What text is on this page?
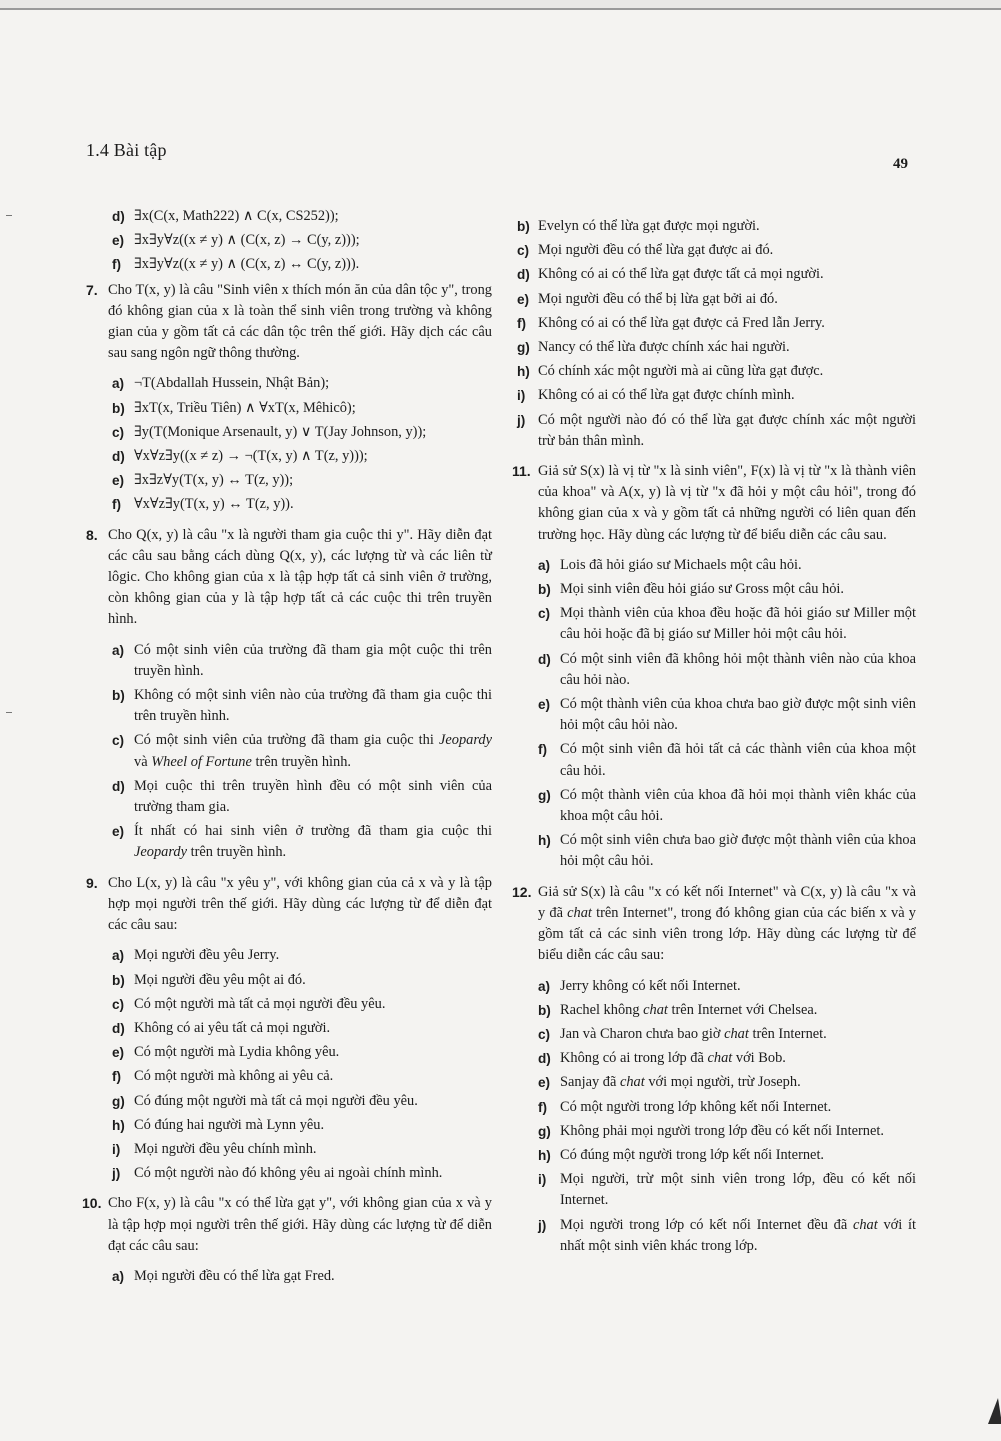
1.4 Bài tập
49
d) ∃x(C(x, Math222) ∧ C(x, CS252));
e) ∃x∃y∀z((x ≠ y) ∧ (C(x, z) → C(y, z)));
f) ∃x∃y∀z((x ≠ y) ∧ (C(x, z) ↔ C(y, z))).
7. Cho T(x, y) là câu "Sinh viên x thích món ăn của dân tộc y", trong đó không gian của x là toàn thể sinh viên trong trường và không gian của y gồm tất cả các dân tộc trên thế giới. Hãy dịch các câu sau sang ngôn ngữ thông thường.
a) ¬T(Abdallah Hussein, Nhật Bản);
b) ∃xT(x, Triều Tiên) ∧ ∀xT(x, Mêhicô);
c) ∃y(T(Monique Arsenault, y) ∨ T(Jay Johnson, y));
d) ∀x∀z∃y((x ≠ z) → ¬(T(x, y) ∧ T(z, y)));
e) ∃x∃z∀y(T(x, y) ↔ T(z, y));
f) ∀x∀z∃y(T(x, y) ↔ T(z, y)).
8. Cho Q(x, y) là câu "x là người tham gia cuộc thi y". Hãy diễn đạt các câu sau bằng cách dùng Q(x, y), các lượng từ và các liên từ lôgic. Cho không gian của x là tập hợp tất cả sinh viên ở trường, còn không gian của y là tập hợp tất cả các cuộc thi trên truyền hình.
a) Có một sinh viên của trường đã tham gia một cuộc thi trên truyền hình.
b) Không có một sinh viên nào của trường đã tham gia cuộc thi trên truyền hình.
c) Có một sinh viên của trường đã tham gia cuộc thi Jeopardy và Wheel of Fortune trên truyền hình.
d) Mọi cuộc thi trên truyền hình đều có một sinh viên của trường tham gia.
e) Ít nhất có hai sinh viên ở trường đã tham gia cuộc thi Jeopardy trên truyền hình.
9. Cho L(x, y) là câu "x yêu y", với không gian của cả x và y là tập hợp mọi người trên thế giới. Hãy dùng các lượng từ để diễn đạt các câu sau:
a) Mọi người đều yêu Jerry.
b) Mọi người đều yêu một ai đó.
c) Có một người mà tất cả mọi người đều yêu.
d) Không có ai yêu tất cả mọi người.
e) Có một người mà Lydia không yêu.
f) Có một người mà không ai yêu cả.
g) Có đúng một người mà tất cả mọi người đều yêu.
h) Có đúng hai người mà Lynn yêu.
i) Mọi người đều yêu chính mình.
j) Có một người nào đó không yêu ai ngoài chính mình.
10. Cho F(x, y) là câu "x có thể lừa gạt y", với không gian của x và y là tập hợp mọi người trên thế giới. Hãy dùng các lượng từ để diễn đạt các câu sau:
a) Mọi người đều có thể lừa gạt Fred.
b) Evelyn có thể lừa gạt được mọi người.
c) Mọi người đều có thể lừa gạt được ai đó.
d) Không có ai có thể lừa gạt được tất cả mọi người.
e) Mọi người đều có thể bị lừa gạt bởi ai đó.
f) Không có ai có thể lừa gạt được cả Fred lẫn Jerry.
g) Nancy có thể lừa được chính xác hai người.
h) Có chính xác một người mà ai cũng lừa gạt được.
i) Không có ai có thể lừa gạt được chính mình.
j) Có một người nào đó có thể lừa gạt được chính xác một người trừ bản thân mình.
11. Giả sử S(x) là vị từ "x là sinh viên", F(x) là vị từ "x là thành viên của khoa" và A(x, y) là vị từ "x đã hỏi y một câu hỏi", trong đó không gian của x và y gồm tất cả những người có liên quan đến trường học. Hãy dùng các lượng từ để biểu diễn các câu sau.
a) Lois đã hỏi giáo sư Michaels một câu hỏi.
b) Mọi sinh viên đều hỏi giáo sư Gross một câu hỏi.
c) Mọi thành viên của khoa đều hoặc đã hỏi giáo sư Miller một câu hỏi hoặc đã bị giáo sư Miller hỏi một câu hỏi.
d) Có một sinh viên đã không hỏi một thành viên nào của khoa câu hỏi nào.
e) Có một thành viên của khoa chưa bao giờ được một sinh viên hỏi một câu hỏi nào.
f) Có một sinh viên đã hỏi tất cả các thành viên của khoa một câu hỏi.
g) Có một thành viên của khoa đã hỏi mọi thành viên khác của khoa một câu hỏi.
h) Có một sinh viên chưa bao giờ được một thành viên của khoa hỏi một câu hỏi.
12. Giả sử S(x) là câu "x có kết nối Internet" và C(x, y) là câu "x và y đã chat trên Internet", trong đó không gian của các biến x và y gồm tất cả các sinh viên trong lớp. Hãy dùng các lượng từ để biểu diễn các câu sau:
a) Jerry không có kết nối Internet.
b) Rachel không chat trên Internet với Chelsea.
c) Jan và Charon chưa bao giờ chat trên Internet.
d) Không có ai trong lớp đã chat với Bob.
e) Sanjay đã chat với mọi người, trừ Joseph.
f) Có một người trong lớp không kết nối Internet.
g) Không phải mọi người trong lớp đều có kết nối Internet.
h) Có đúng một người trong lớp kết nối Internet.
i) Mọi người, trừ một sinh viên trong lớp, đều có kết nối Internet.
j) Mọi người trong lớp có kết nối Internet đều đã chat với ít nhất một sinh viên khác trong lớp.
